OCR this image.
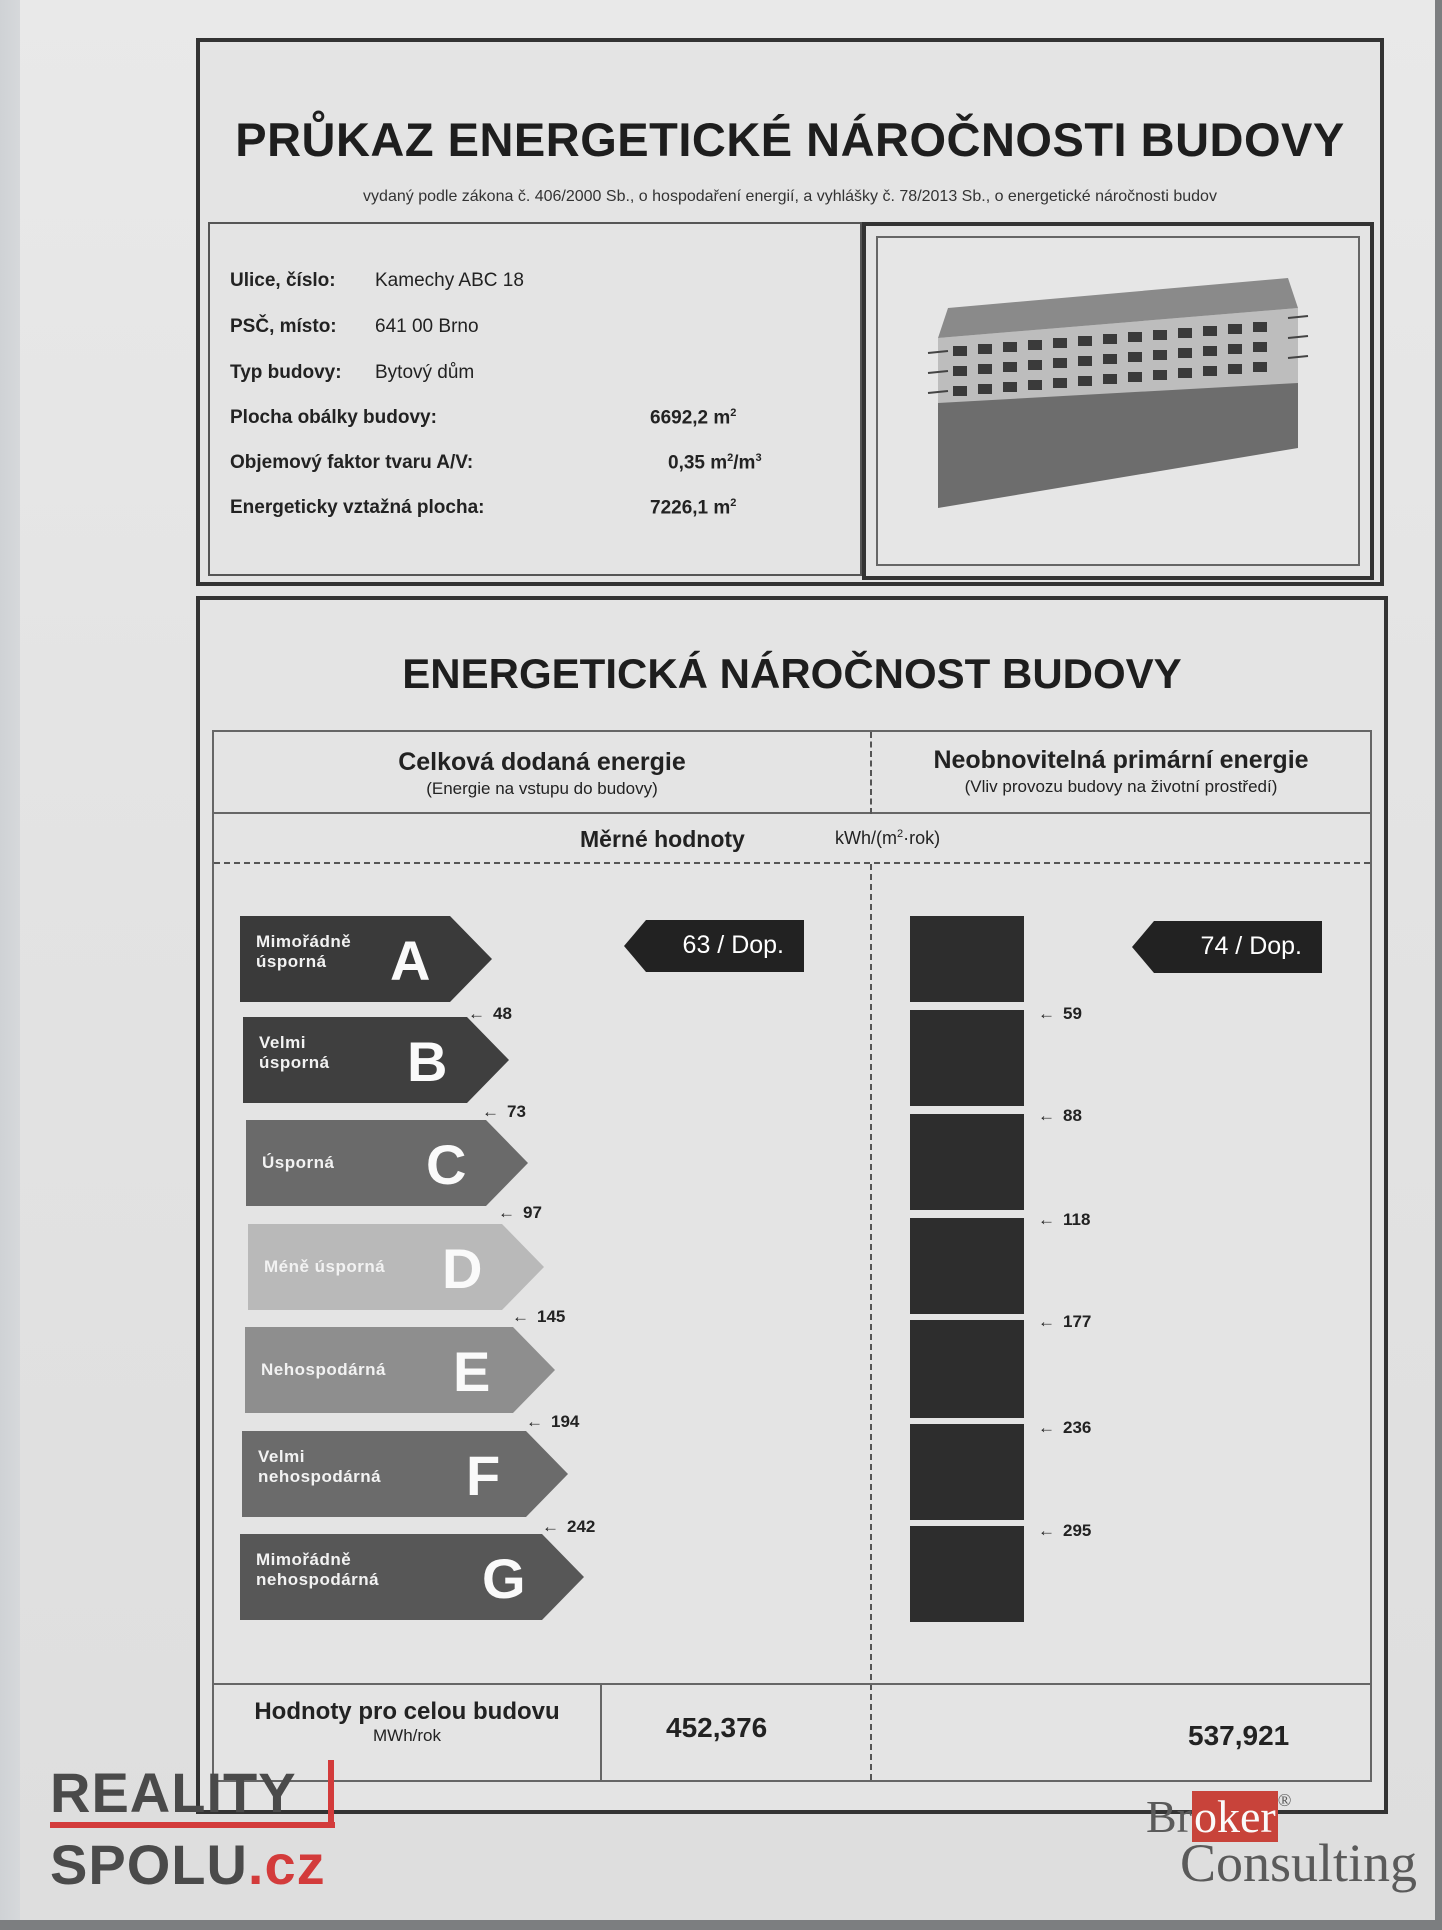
PRŮKAZ ENERGETICKÉ NÁROČNOSTI BUDOVY
vydaný podle zákona č. 406/2000 Sb., o hospodaření energií, a vyhlášky č. 78/2013 Sb., o energetické náročnosti budov
Ulice, číslo: Kamechy ABC 18
PSČ, místo: 641 00 Brno
Typ budovy: Bytový dům
Plocha obálky budovy:	6692,2 $m^2$
Objemový faktor tvaru A/V:	0,35 $m^2/m^3$
Energeticky vztažná plocha:	7226,1 $m^2$
ENERGETICKÁ NÁROČNOST BUDOVY
Celková dodaná energie
(Energie na vstupu do budovy)
Neobnovitelná primární energie
(Vliv provozu budovy na životní prostředí)
Měrné hodnoty	kWh/$(m^2\cdot rok)$
Mimořádně
úsporná	A
Velmi
úsporná B
Úsporná C
Méně úsporná D
Nehospodárná E
Velmi
nehospodárná F
Mimořádně
nehospodárná G
← 48
← 73
← 97
← 145
← 194
← 242
← 59
← 88
← 118
← 177
← 236
← 295
63 / Dop.	74 / Dop.
Hodnoty pro celou budovu
MWh/rok	452,376	537,921
REALITY
SPOLU.cz
Broker ®
Consulting
